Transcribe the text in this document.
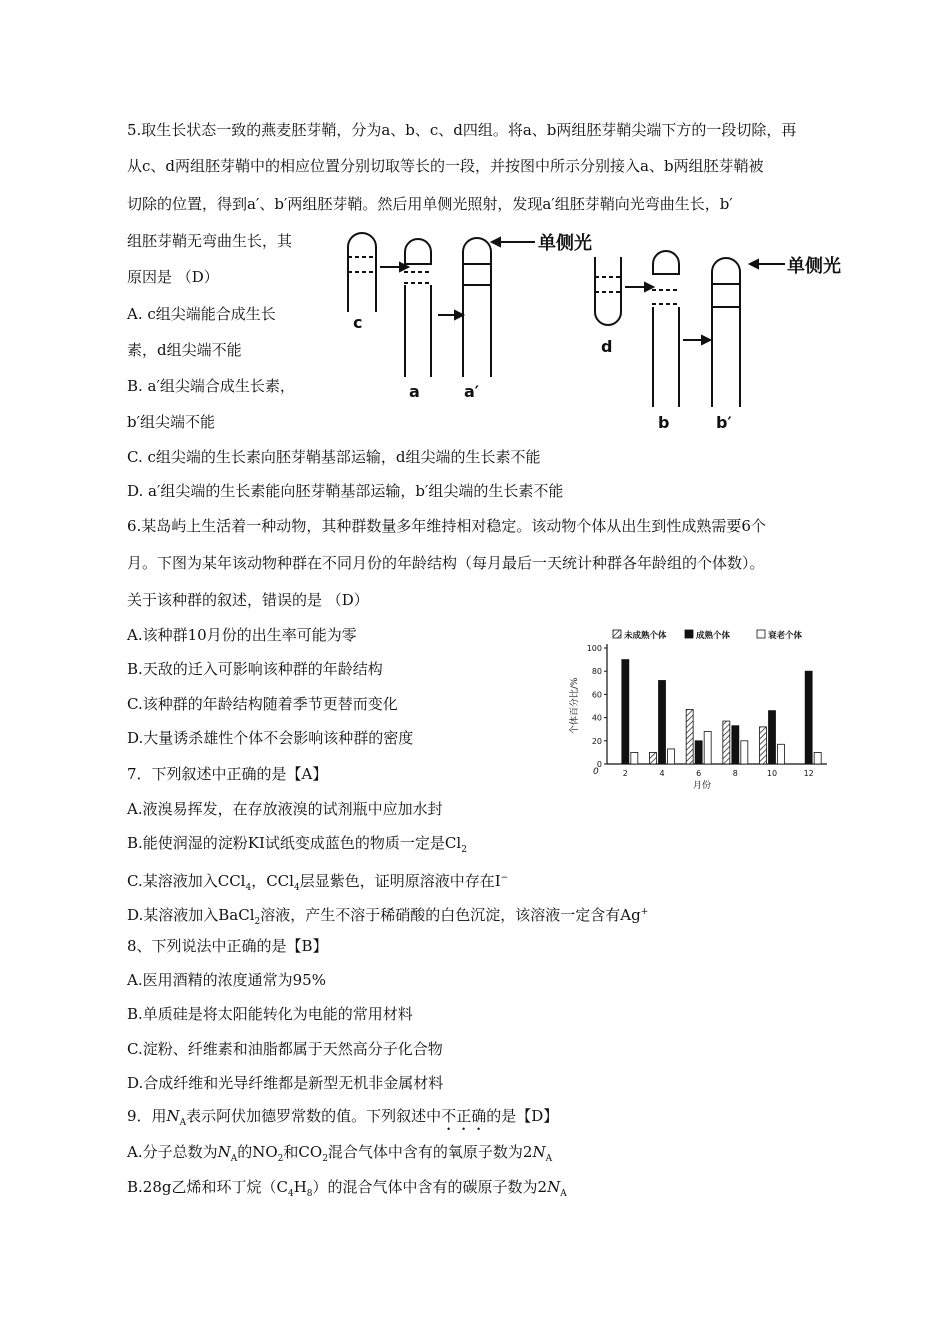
5.取生长状态一致的燕麦胚芽鞘，分为a、b、c、d四组。将a、b两组胚芽鞘尖端下方的一段切除，再
从c、d两组胚芽鞘中的相应位置分别切取等长的一段，并按图中所示分别接入a、b两组胚芽鞘被
切除的位置，得到a′、b′两组胚芽鞘。然后用单侧光照射，发现a′组胚芽鞘向光弯曲生长，b′
组胚芽鞘无弯曲生长，其
原因是 （D）
A. c组尖端能合成生长
素，d组尖端不能
B. a′组尖端合成生长素，
b′组尖端不能
C. c组尖端的生长素向胚芽鞘基部运输，d组尖端的生长素不能
D. a′组尖端的生长素能向胚芽鞘基部运输，b′组尖端的生长素不能
单侧光
单侧光
c
a	a′
d
b	b′
6.某岛屿上生活着一种动物，其种群数量多年维持相对稳定。该动物个体从出生到性成熟需要6个
月。下图为某年该动物种群在不同月份的年龄结构（每月最后一天统计种群各年龄组的个体数）。
关于该种群的叙述，错误的是 （D）
A.该种群10月份的出生率可能为零
B.天敌的迁入可影响该种群的年龄结构
C.该种群的年龄结构随着季节更替而变化
D.大量诱杀雄性个体不会影响该种群的密度
未成熟个体	成熟个体	衰老个体
0
20
40
60
80
100
2	4	6	8	10	12
0
个体百分比/%
月份
7．下列叙述中正确的是【A】
A.液溴易挥发，在存放液溴的试剂瓶中应加水封
B.能使润湿的淀粉KI试纸变成蓝色的物质一定是$Cl_2$
C.某溶液加入CCl$_4$，CCl$_4$层显紫色，证明原溶液中存在I−
D.某溶液加入BaCl$_2$溶液，产生不溶于稀硝酸的白色沉淀，该溶液一定含有Ag+
8、下列说法中正确的是【B】
A.医用酒精的浓度通常为95%
B.单质硅是将太阳能转化为电能的常用材料
C.淀粉、纤维素和油脂都属于天然高分子化合物
D.合成纤维和光导纤维都是新型无机非金属材料
9．用$N_A$表示阿伏加德罗常数的值。下列叙述中不正确的是【D】
A.分子总数为$N_A$的$NO_2$和$CO_2$混合气体中含有的氧原子数为$2N_A$
B.28g乙烯和环丁烷$(C_4H_8)$的混合气体中含有的碳原子数为$2N_A$
